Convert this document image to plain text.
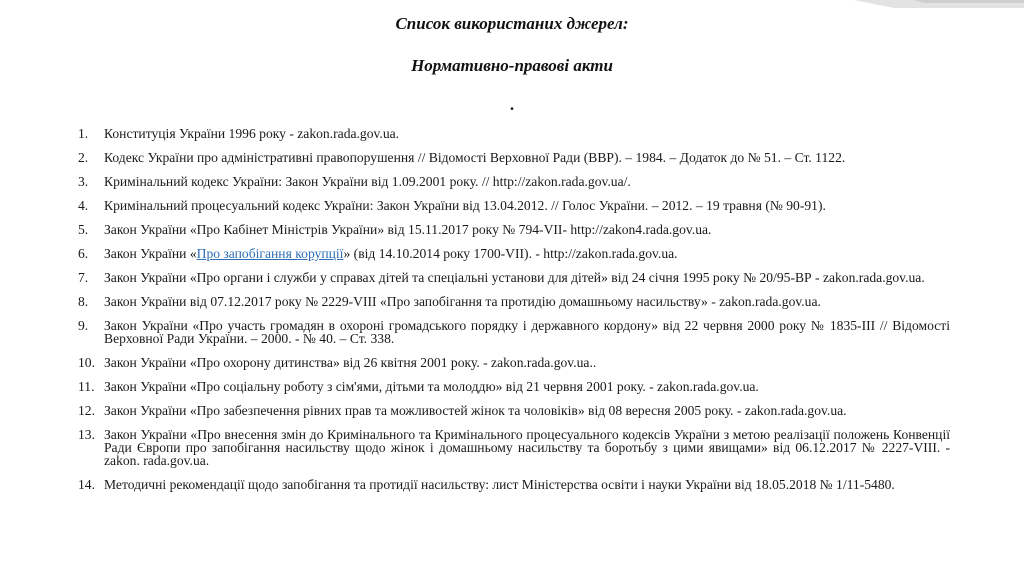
Список використаних джерел:
Нормативно-правові акти
.
1. Конституція України 1996 року - zakon.rada.gov.ua.
2. Кодекс України про адміністративні правопорушення // Відомості Верховної Ради (ВВР). – 1984. – Додаток до № 51. – Ст. 1122.
3. Кримінальний кодекс України: Закон України від 1.09.2001 року. // http://zakon.rada.gov.ua/.
4. Кримінальний процесуальний кодекс України: Закон України від 13.04.2012. // Голос України. – 2012. – 19 травня (№ 90-91).
5. Закон України «Про Кабінет Міністрів України» від 15.11.2017 року № 794-VII- http://zakon4.rada.gov.ua.
6. Закон України «Про запобігання корупції» (від 14.10.2014 року 1700-VII). - http://zakon.rada.gov.ua.
7. Закон України «Про органи і служби у справах дітей та спеціальні установи для дітей» від 24 січня 1995 року № 20/95-ВР - zakon.rada.gov.ua.
8. Закон України від 07.12.2017 року № 2229-VIII «Про запобігання та протидію домашньому насильству» - zakon.rada.gov.ua.
9. Закон України «Про участь громадян в охороні громадського порядку і державного кордону» від 22 червня 2000 року № 1835-III // Відомості Верховної Ради України. – 2000. - № 40. – Ст. 338.
10. Закон України «Про охорону дитинства» від 26 квітня 2001 року. - zakon.rada.gov.ua..
11. Закон України «Про соціальну роботу з сім'ями, дітьми та молоддю» від 21 червня 2001 року. - zakon.rada.gov.ua.
12. Закон України «Про забезпечення рівних прав та можливостей жінок та чоловіків» від 08 вересня 2005 року. - zakon.rada.gov.ua.
13. Закон України «Про внесення змін до Кримінального та Кримінального процесуального кодексів України з метою реалізації положень Конвенції Ради Європи про запобігання насильству щодо жінок і домашньому насильству та боротьбу з цими явищами» від 06.12.2017 № 2227-VIII. - zakon. rada.gov.ua.
14. Методичні рекомендації щодо запобігання та протидії насильству: лист Міністерства освіти і науки України від 18.05.2018 № 1/11-5480.
